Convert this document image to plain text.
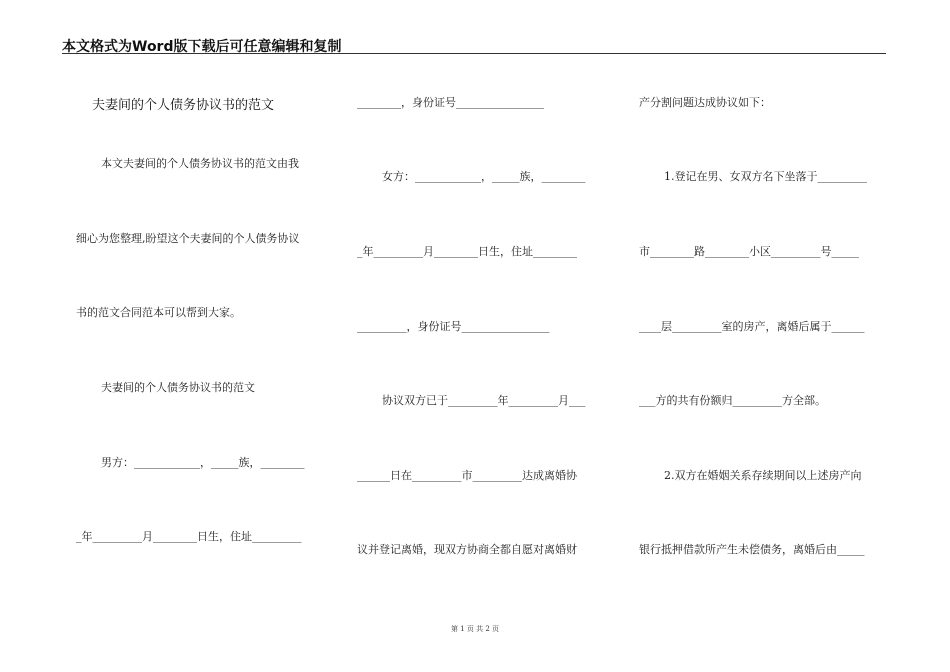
本文格式为Word版下载后可任意编辑和复制
夫妻间的个人债务协议书的范文
本文夫妻间的个人债务协议书的范文由我
细心为您整理,盼望这个夫妻间的个人债务协议
书的范文合同范本可以帮到大家。
夫妻间的个人债务协议书的范文
男方：____________，_____族，________
_年_________月________日生，住址_________
________，身份证号________________
女方：____________，_____族，________
_年_________月________日生，住址________
_________，身份证号________________
协议双方已于_________年_________月___
______日在_________市_________达成离婚协
议并登记离婚，现双方协商全都自愿对离婚财
产分割问题达成协议如下：
1.登记在男、女双方名下坐落于_________
市________路________小区_________号_____
____层_________室的房产，离婚后属于______
___方的共有份额归_________方全部。
2.双方在婚姻关系存续期间以上述房产向
银行抵押借款所产生未偿债务，离婚后由_____
第 1 页 共 2 页
